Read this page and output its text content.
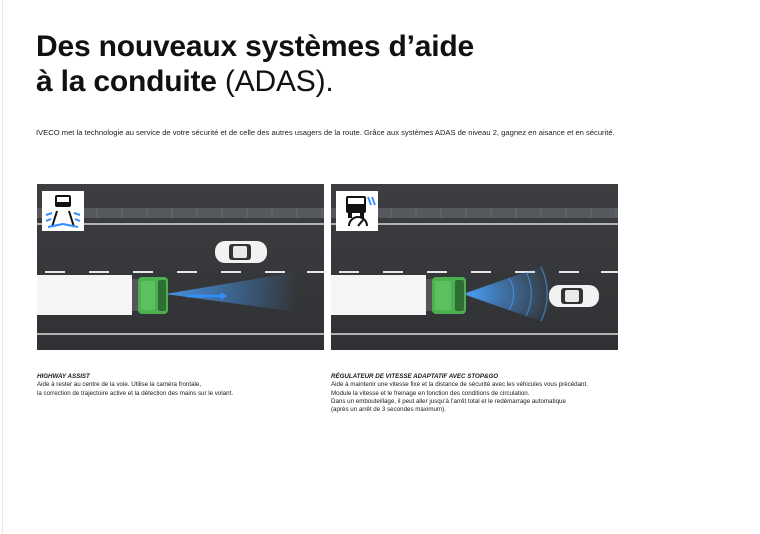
Des nouveaux systèmes d’aide
à la conduite (ADAS).

IVECO met la technologie au service de votre sécurité et de celle des autres usagers de la route. Grâce aux systèmes ADAS de niveau 2, gagnez en aisance et en sécurité.

HIGHWAY ASSIST
Aide à rester au centre de la voie. Utilise la caméra frontale,
la correction de trajectoire active et la détection des mains sur le volant.
RÉGULATEUR DE VITESSE ADAPTATIF AVEC STOP&GO
Aide à maintenir une vitesse fixe et la distance de sécurité avec les véhicules vous précédant.
Module la vitesse et le freinage en fonction des conditions de circulation.
Dans un embouteillage, il peut aller jusqu’à l’arrêt total et le redémarrage automatique
(après un arrêt de 3 secondes maximum).
